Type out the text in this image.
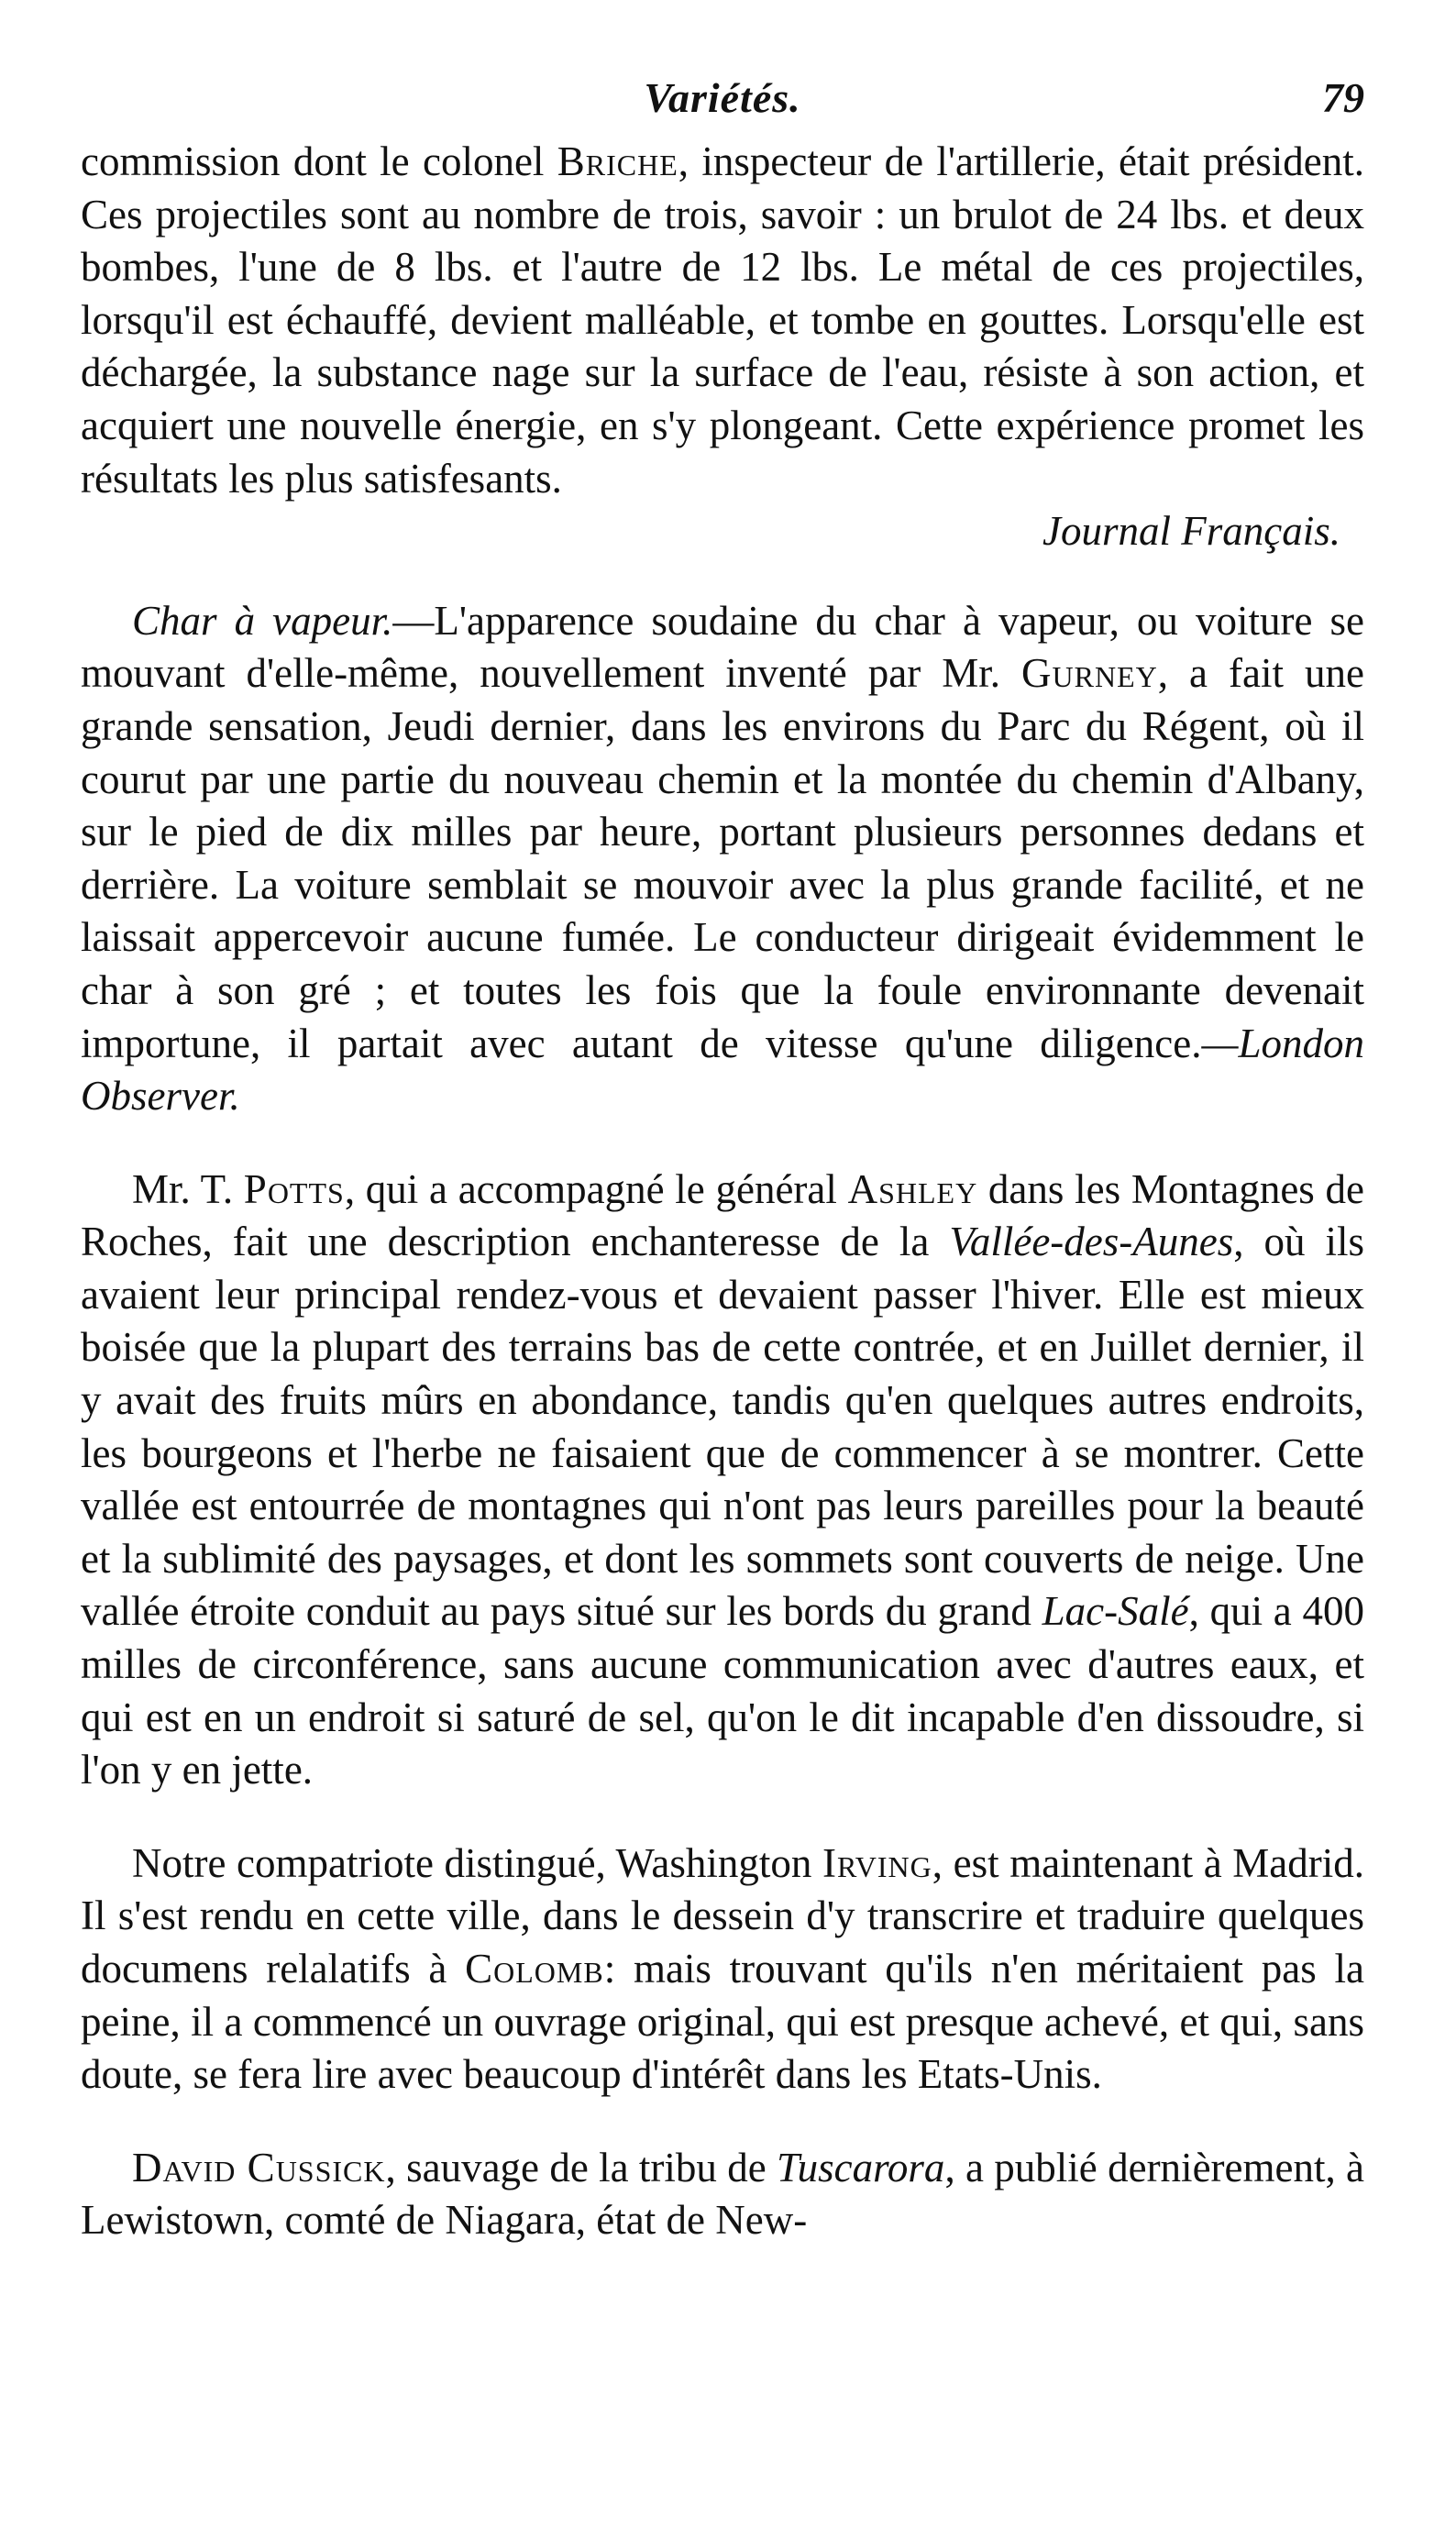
Variétés.	79

commission dont le colonel Briche, inspecteur de l'artillerie, était président. Ces projectiles sont au nombre de trois, savoir : un brulot de 24 lbs. et deux bombes, l'une de 8 lbs. et l'autre de 12 lbs. Le métal de ces projectiles, lorsqu'il est échauffé, devient malléable, et tombe en gouttes. Lorsqu'elle est déchargée, la substance nage sur la surface de l'eau, résiste à son action, et acquiert une nouvelle énergie, en s'y plongeant. Cette expérience promet les résultats les plus satisfesants.

Journal Français.

Char à vapeur.—L'apparence soudaine du char à vapeur, ou voiture se mouvant d'elle-même, nouvellement inventé par Mr. Gurney, a fait une grande sensation, Jeudi dernier, dans les environs du Parc du Régent, où il courut par une partie du nouveau chemin et la montée du chemin d'Albany, sur le pied de dix milles par heure, portant plusieurs personnes dedans et derrière. La voiture semblait se mouvoir avec la plus grande facilité, et ne laissait appercevoir aucune fumée. Le conducteur dirigeait évidemment le char à son gré ; et toutes les fois que la foule environnante devenait importune, il partait avec autant de vitesse qu'une diligence.—London Observer.

Mr. T. Potts, qui a accompagné le général Ashley dans les Montagnes de Roches, fait une description enchanteresse de la Vallée-des-Aunes, où ils avaient leur principal rendez-vous et devaient passer l'hiver. Elle est mieux boisée que la plupart des terrains bas de cette contrée, et en Juillet dernier, il y avait des fruits mûrs en abondance, tandis qu'en quelques autres endroits, les bourgeons et l'herbe ne faisaient que de commencer à se montrer. Cette vallée est entourrée de montagnes qui n'ont pas leurs pareilles pour la beauté et la sublimité des paysages, et dont les sommets sont couverts de neige. Une vallée étroite conduit au pays situé sur les bords du grand Lac-Salé, qui a 400 milles de circonférence, sans aucune communication avec d'autres eaux, et qui est en un endroit si saturé de sel, qu'on le dit incapable d'en dissoudre, si l'on y en jette.

Notre compatriote distingué, Washington Irving, est maintenant à Madrid. Il s'est rendu en cette ville, dans le dessein d'y transcrire et traduire quelques documens relalatifs à Colomb: mais trouvant qu'ils n'en méritaient pas la peine, il a commencé un ouvrage original, qui est presque achevé, et qui, sans doute, se fera lire avec beaucoup d'intérêt dans les Etats-Unis.

David Cussick, sauvage de la tribu de Tuscarora, a publié dernièrement, à Lewistown, comté de Niagara, état de New-
